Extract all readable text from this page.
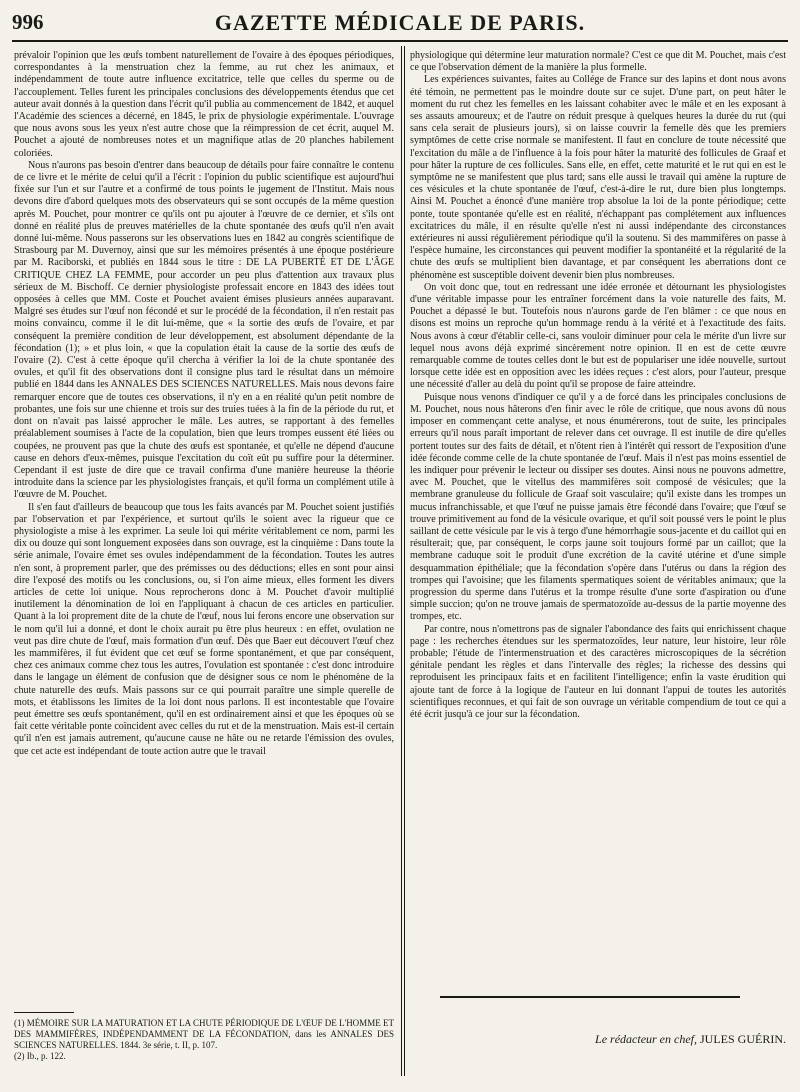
996	GAZETTE MÉDICALE DE PARIS.

prévaloir l'opinion que les œufs tombent naturellement de l'ovaire à des époques périodiques, correspondantes à la menstruation chez la femme, au rut chez les animaux, et indépendamment de toute autre influence excitatrice, telle que celles du sperme ou de l'accouplement. Telles furent les principales conclusions des développements étendus que cet auteur avait donnés à la question dans l'écrit qu'il publia au commencement de 1842, et auquel l'Académie des sciences a décerné, en 1845, le prix de physiologie expérimentale. L'ouvrage que nous avons sous les yeux n'est autre chose que la réimpression de cet écrit, auquel M. Pouchet a ajouté de nombreuses notes et un magnifique atlas de 20 planches habilement coloriées.

Nous n'aurons pas besoin d'entrer dans beaucoup de détails pour faire connaître le contenu de ce livre et le mérite de celui qu'il a l'écrit : l'opinion du public scientifique est aujourd'hui fixée sur l'un et sur l'autre et a confirmé de tous points le jugement de l'Institut. Mais nous devons dire d'abord quelques mots des observateurs qui se sont occupés de la même question après M. Pouchet, pour montrer ce qu'ils ont pu ajouter à l'œuvre de ce dernier, et s'ils ont donné en réalité plus de preuves matérielles de la chute spontanée des œufs qu'il n'en avait donné lui-même. Nous passerons sur les observations lues en 1842 au congrès scientifique de Strasbourg par M. Duvernoy, ainsi que sur les mémoires présentés à une époque postérieure par M. Raciborski, et publiés en 1844 sous le titre : DE LA PUBERTÉ ET DE L'ÂGE CRITIQUE CHEZ LA FEMME, pour accorder un peu plus d'attention aux travaux plus sérieux de M. Bischoff. Ce dernier physiologiste professait encore en 1843 des idées tout opposées à celles que MM. Coste et Pouchet avaient émises plusieurs années auparavant. Malgré ses études sur l'œuf non fécondé et sur le procédé de la fécondation, il n'en restait pas moins convaincu, comme il le dit lui-même, que « la sortie des œufs de l'ovaire, et par conséquent la première condition de leur développement, est absolument dépendante de la fécondation (1); » et plus loin, « que la copulation était la cause de la sortie des œufs de l'ovaire (2). C'est à cette époque qu'il chercha à vérifier la loi de la chute spontanée des ovules, et qu'il fit des observations dont il consigne plus tard le résultat dans un mémoire publié en 1844 dans les ANNALES DES SCIENCES NATURELLES. Mais nous devons faire remarquer encore que de toutes ces observations, il n'y en a en réalité qu'un petit nombre de probantes, une fois sur une chienne et trois sur des truies tuées à la fin de la période du rut, et dont on n'avait pas laissé approcher le mâle. Les autres, se rapportant à des femelles préalablement soumises à l'acte de la copulation, bien que leurs trompes eussent été liées ou coupées, ne prouvent pas que la chute des œufs est spontanée, et qu'elle ne dépend d'aucune cause en dehors d'eux-mêmes, puisque l'excitation du coït eût pu suffire pour la déterminer. Cependant il est juste de dire que ce travail confirma d'une manière heureuse la théorie introduite dans la science par les physiologistes français, et qu'il forma un complément utile à l'œuvre de M. Pouchet.

Il s'en faut d'ailleurs de beaucoup que tous les faits avancés par M. Pouchet soient justifiés par l'observation et par l'expérience, et surtout qu'ils le soient avec la rigueur que ce physiologiste a mise à les exprimer. La seule loi qui mérite véritablement ce nom, parmi les dix ou douze qui sont longuement exposées dans son ouvrage, est la cinquième : Dans toute la série animale, l'ovaire émet ses ovules indépendamment de la fécondation. Toutes les autres n'en sont, à proprement parler, que des prémisses ou des déductions; elles en sont pour ainsi dire l'exposé des motifs ou les conclusions, ou, si l'on aime mieux, elles forment les divers articles de cette loi unique. Nous reprocherons donc à M. Pouchet d'avoir multiplié inutilement la dénomination de loi en l'appliquant à chacun de ces articles en particulier. Quant à la loi proprement dite de la chute de l'œuf, nous lui ferons encore une observation sur le nom qu'il lui a donné, et dont le choix aurait pu être plus heureux : en effet, ovulation ne veut pas dire chute de l'œuf, mais formation d'un œuf. Dès que Baer eut découvert l'œuf chez les mammifères, il fut évident que cet œuf se forme spontanément, et que par conséquent, chez ces animaux comme chez tous les autres, l'ovulation est spontanée : c'est donc introduire dans le langage un élément de confusion que de désigner sous ce nom le phénomène de la chute naturelle des œufs. Mais passons sur ce qui pourrait paraître une simple querelle de mots, et établissons les limites de la loi dont nous parlons. Il est incontestable que l'ovaire peut émettre ses œufs spontanément, qu'il en est ordinairement ainsi et que les époques où se fait cette véritable ponte coïncident avec celles du rut et de la menstruation. Mais est-il certain qu'il n'en est jamais autrement, qu'aucune cause ne hâte ou ne retarde l'émission des ovules, que cet acte est indépendant de toute action autre que le travail

physiologique qui détermine leur maturation normale? C'est ce que dit M. Pouchet, mais c'est ce que l'observation dément de la manière la plus formelle.

Les expériences suivantes, faites au Collége de France sur des lapins et dont nous avons été témoin, ne permettent pas le moindre doute sur ce sujet. D'une part, on peut hâter le moment du rut chez les femelles en les laissant cohabiter avec le mâle et en les exposant à ses assauts amoureux; et de l'autre on réduit presque à quelques heures la durée du rut (qui sans cela serait de plusieurs jours), si on laisse couvrir la femelle dès que les premiers symptômes de cette crise normale se manifestent. Il faut en conclure de toute nécessité que l'excitation du mâle a de l'influence à la fois pour hâter la maturité des follicules de Graaf et pour hâter la rupture de ces follicules. Sans elle, en effet, cette maturité et le rut qui en est le symptôme ne se manifestent que plus tard; sans elle aussi le travail qui amène la rupture de ces vésicules et la chute spontanée de l'œuf, c'est-à-dire le rut, dure bien plus longtemps. Ainsi M. Pouchet a énoncé d'une manière trop absolue la loi de la ponte périodique; cette ponte, toute spontanée qu'elle est en réalité, n'échappant pas complétement aux influences excitatrices du mâle, il en résulte qu'elle n'est ni aussi indépendante des circonstances extérieures ni aussi régulièrement périodique qu'il la soutenu. Si des mammifères on passe à l'espèce humaine, les circonstances qui peuvent modifier la spontanéité et la régularité de la chute des œufs se multiplient bien davantage, et par conséquent les aberrations dont ce phénomène est susceptible doivent devenir bien plus nombreuses.

On voit donc que, tout en redressant une idée erronée et détournant les physiologistes d'une véritable impasse pour les entraîner forcément dans la voie naturelle des faits, M. Pouchet a dépassé le but. Toutefois nous n'aurons garde de l'en blâmer : ce que nous en disons est moins un reproche qu'un hommage rendu à la vérité et à l'exactitude des faits. Nous avons à cœur d'établir celle-ci, sans vouloir diminuer pour cela le mérite d'un livre sur lequel nous avons déjà exprimé sincèrement notre opinion. Il en est de cette œuvre remarquable comme de toutes celles dont le but est de populariser une idée nouvelle, surtout lorsque cette idée est en opposition avec les idées reçues : c'est alors, pour l'auteur, presque une nécessité d'aller au delà du point qu'il se propose de faire atteindre.

Puisque nous venons d'indiquer ce qu'il y a de forcé dans les principales conclusions de M. Pouchet, nous nous hâterons d'en finir avec le rôle de critique, que nous avons dû nous imposer en commençant cette analyse, et nous énumérerons, tout de suite, les principales erreurs qu'il nous paraît important de relever dans cet ouvrage. Il est inutile de dire qu'elles portent toutes sur des faits de détail, et n'ôtent rien à l'intérêt qui ressort de l'exposition d'une idée féconde comme celle de la chute spontanée de l'œuf. Mais il n'est pas moins essentiel de les indiquer pour prévenir le lecteur ou dissiper ses doutes. Ainsi nous ne pouvons admettre, avec M. Pouchet, que le vitellus des mammifères soit composé de vésicules; que la membrane granuleuse du follicule de Graaf soit vasculaire; qu'il existe dans les trompes un mucus infranchissable, et que l'œuf ne puisse jamais être fécondé dans l'ovaire; que l'œuf se trouve primitivement au fond de la vésicule ovarique, et qu'il soit poussé vers le point le plus saillant de cette vésicule par le vis à tergo d'une hémorrhagie sous-jacente et du caillot qui en résulterait; que, par conséquent, le corps jaune soit toujours formé par un caillot; que la membrane caduque soit le produit d'une excrétion de la cavité utérine et d'une simple desquammation épithéliale; que la fécondation s'opère dans l'utérus ou dans la région des trompes qui l'avoisine; que les filaments spermatiques soient de véritables animaux; que la progression du sperme dans l'utérus et la trompe résulte d'une sorte d'aspiration ou d'une simple succion; qu'on ne trouve jamais de spermatozoïde au-dessus de la partie moyenne des trompes, etc.

Par contre, nous n'omettrons pas de signaler l'abondance des faits qui enrichissent chaque page : les recherches étendues sur les spermatozoïdes, leur nature, leur histoire, leur rôle probable; l'étude de l'intermenstruation et des caractères microscopiques de la sécrétion génitale pendant les règles et dans l'intervalle des règles; la richesse des dessins qui reproduisent les principaux faits et en facilitent l'intelligence; enfin la vaste érudition qui ajoute tant de force à la logique de l'auteur en lui donnant l'appui de toutes les autorités scientifiques reconnues, et qui fait de son ouvrage un véritable compendium de tout ce qui a été écrit jusqu'à ce jour sur la fécondation.

(1) MÉMOIRE SUR LA MATURATION ET LA CHUTE PÉRIODIQUE DE L'ŒUF DE L'HOMME ET DES MAMMIFÈRES, INDÉPENDAMMENT DE LA FÉCONDATION, dans les ANNALES DES SCIENCES NATURELLES. 1844. 3e série, t. II, p. 107.

(2) Ib., p. 122.

Le rédacteur en chef, JULES GUÉRIN.
